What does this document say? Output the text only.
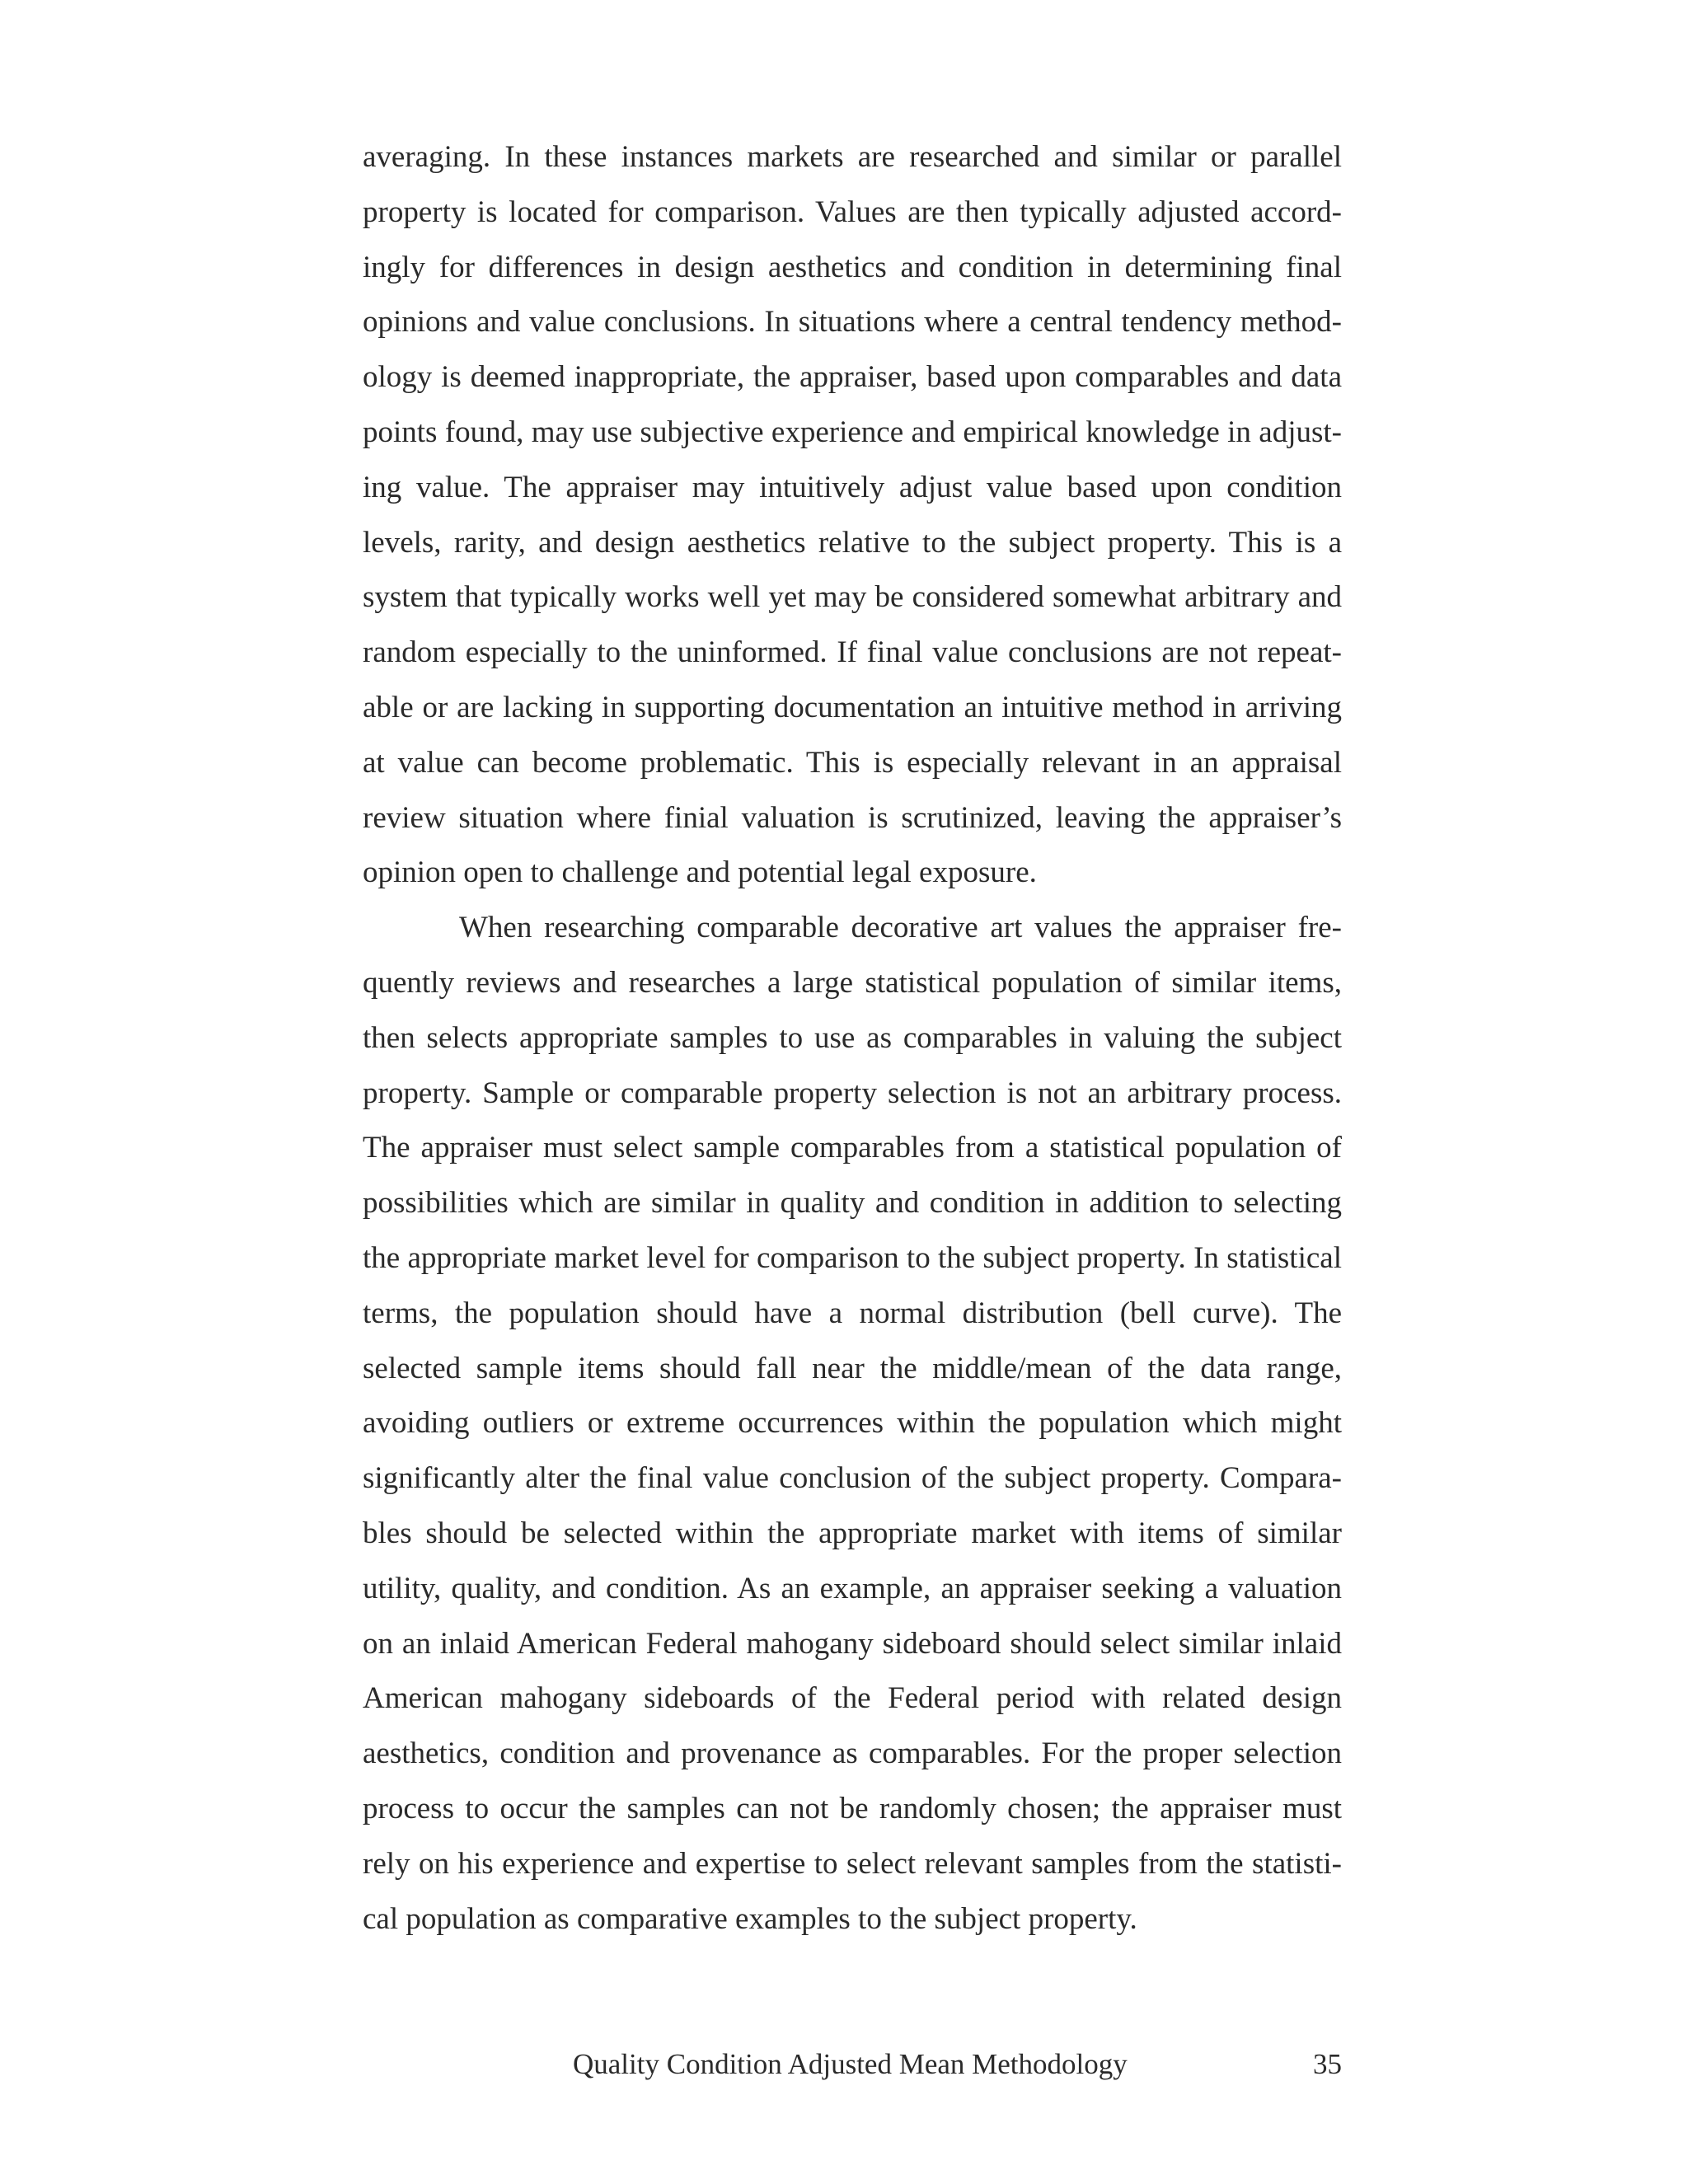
averaging. In these instances markets are researched and similar or parallel property is located for comparison. Values are then typically adjusted accordingly for differences in design aesthetics and condition in determining final opinions and value conclusions. In situations where a central tendency methodology is deemed inappropriate, the appraiser, based upon comparables and data points found, may use subjective experience and empirical knowledge in adjusting value. The appraiser may intuitively adjust value based upon condition levels, rarity, and design aesthetics relative to the subject property. This is a system that typically works well yet may be considered somewhat arbitrary and random especially to the uninformed. If final value conclusions are not repeatable or are lacking in supporting documentation an intuitive method in arriving at value can become problematic. This is especially relevant in an appraisal review situation where finial valuation is scrutinized, leaving the appraiser’s opinion open to challenge and potential legal exposure.

When researching comparable decorative art values the appraiser frequently reviews and researches a large statistical population of similar items, then selects appropriate samples to use as comparables in valuing the subject property. Sample or comparable property selection is not an arbitrary process. The appraiser must select sample comparables from a statistical population of possibilities which are similar in quality and condition in addition to selecting the appropriate market level for comparison to the subject property. In statistical terms, the population should have a normal distribution (bell curve). The selected sample items should fall near the middle/mean of the data range, avoiding outliers or extreme occurrences within the population which might significantly alter the final value conclusion of the subject property. Comparables should be selected within the appropriate market with items of similar utility, quality, and condition. As an example, an appraiser seeking a valuation on an inlaid American Federal mahogany sideboard should select similar inlaid American mahogany sideboards of the Federal period with related design aesthetics, condition and provenance as comparables. For the proper selection process to occur the samples can not be randomly chosen; the appraiser must rely on his experience and expertise to select relevant samples from the statistical population as comparative examples to the subject property.

Quality Condition Adjusted Mean Methodology	35
